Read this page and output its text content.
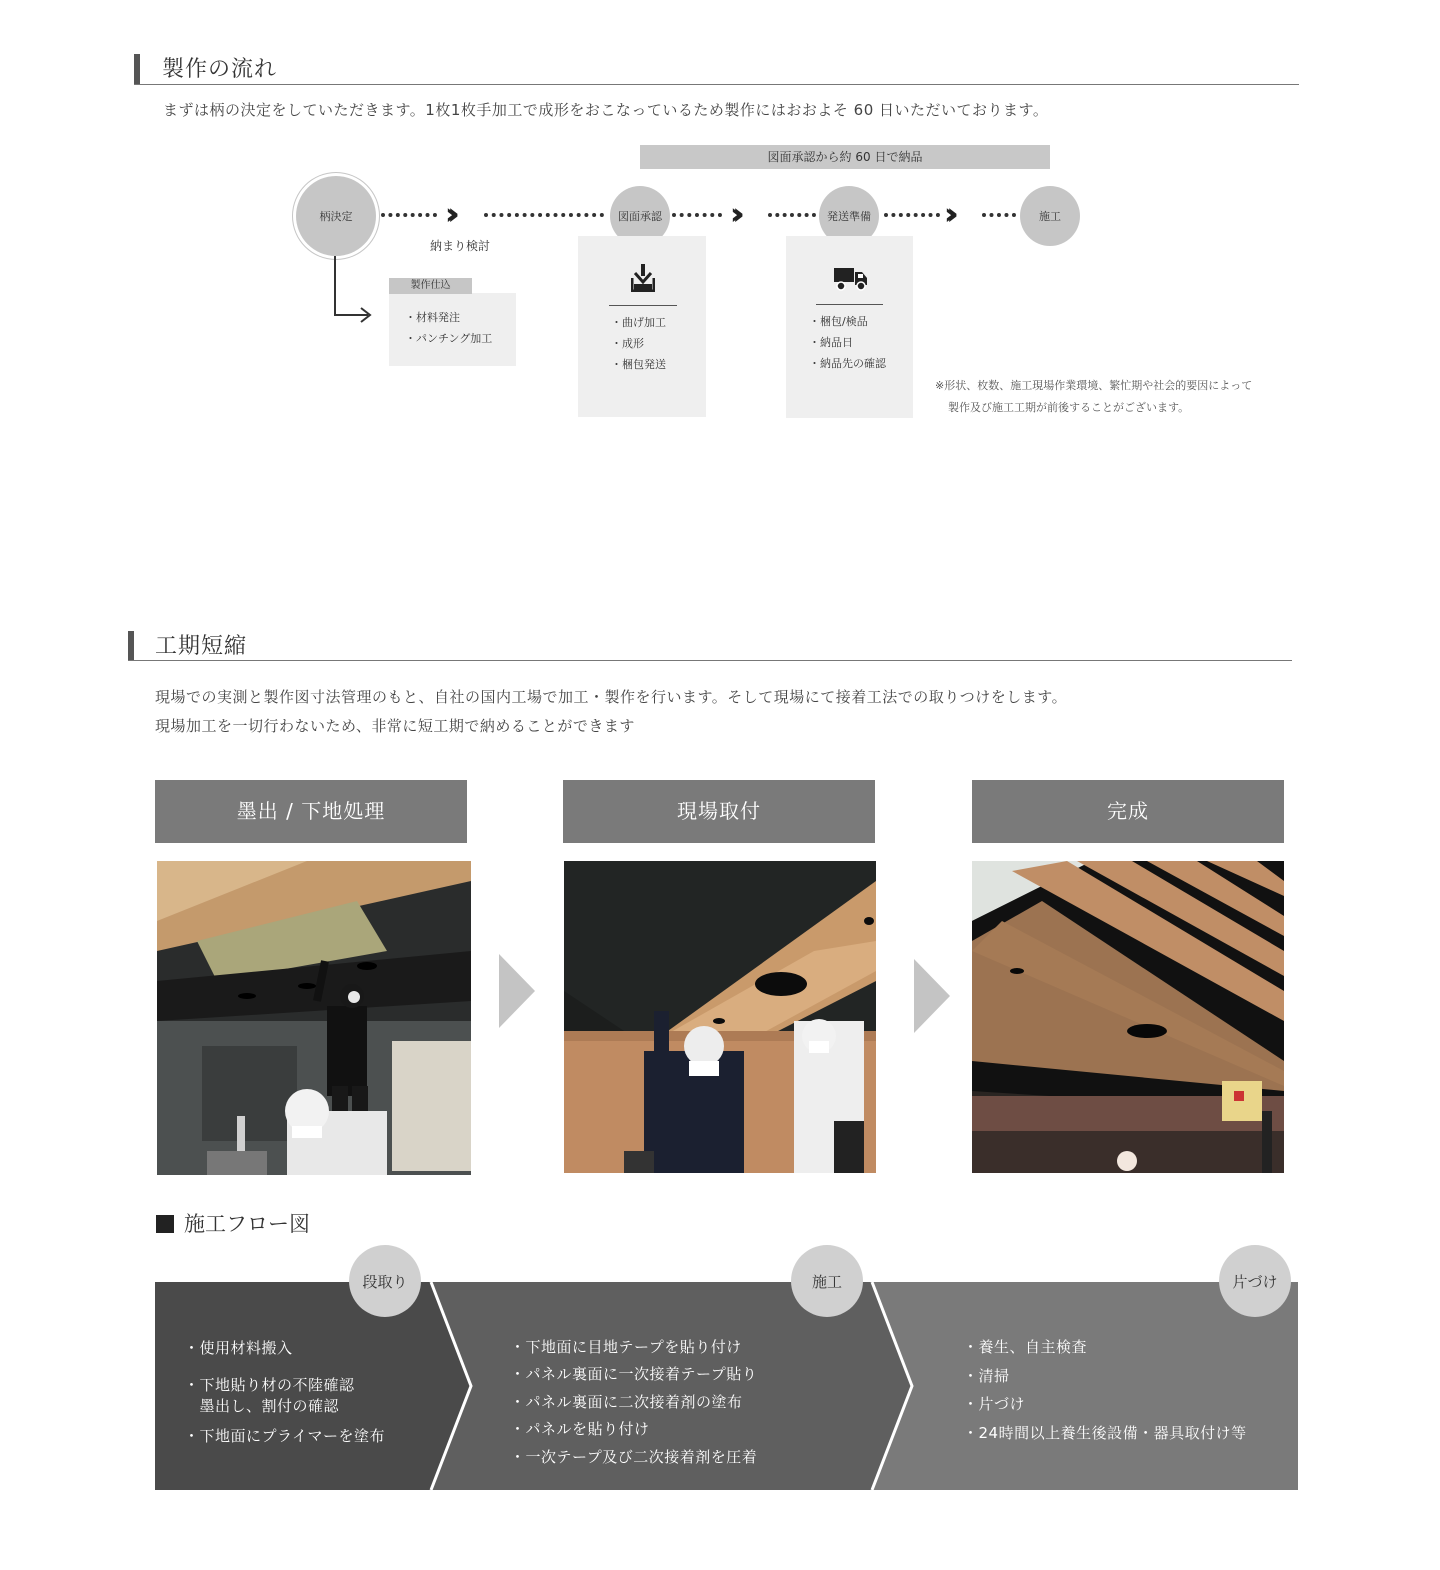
製作の流れ
まずは柄の決定をしていただきます。1枚1枚手加工で成形をおこなっているため製作にはおおよそ 60 日いただいております。
図面承認から約 60 日で納品
柄決定	図面承認	発送準備	施工
››	››	››
納まり検討
製作仕込
・材料発注
・パンチング加工
・曲げ加工
・成形
・梱包発送
・梱包/検品
・納品日
・納品先の確認
※形状、枚数、施工現場作業環境、繁忙期や社会的要因によって
製作及び施工工期が前後することがございます。
工期短縮
現場での実測と製作図寸法管理のもと、自社の国内工場で加工・製作を行います。そして現場にて接着工法での取りつけをします。
現場加工を一切行わないため、非常に短工期で納めることができます
墨出 / 下地処理	現場取付	完成
施工フロー図
段取り	施工	片づけ
・使用材料搬入
・下地貼り材の不陸確認
　墨出し、割付の確認
・下地面にプライマーを塗布
・下地面に目地テープを貼り付け
・パネル裏面に一次接着テープ貼り
・パネル裏面に二次接着剤の塗布
・パネルを貼り付け
・一次テープ及び二次接着剤を圧着
・養生、自主検査
・清掃
・片づけ
・24時間以上養生後設備・器具取付け等
